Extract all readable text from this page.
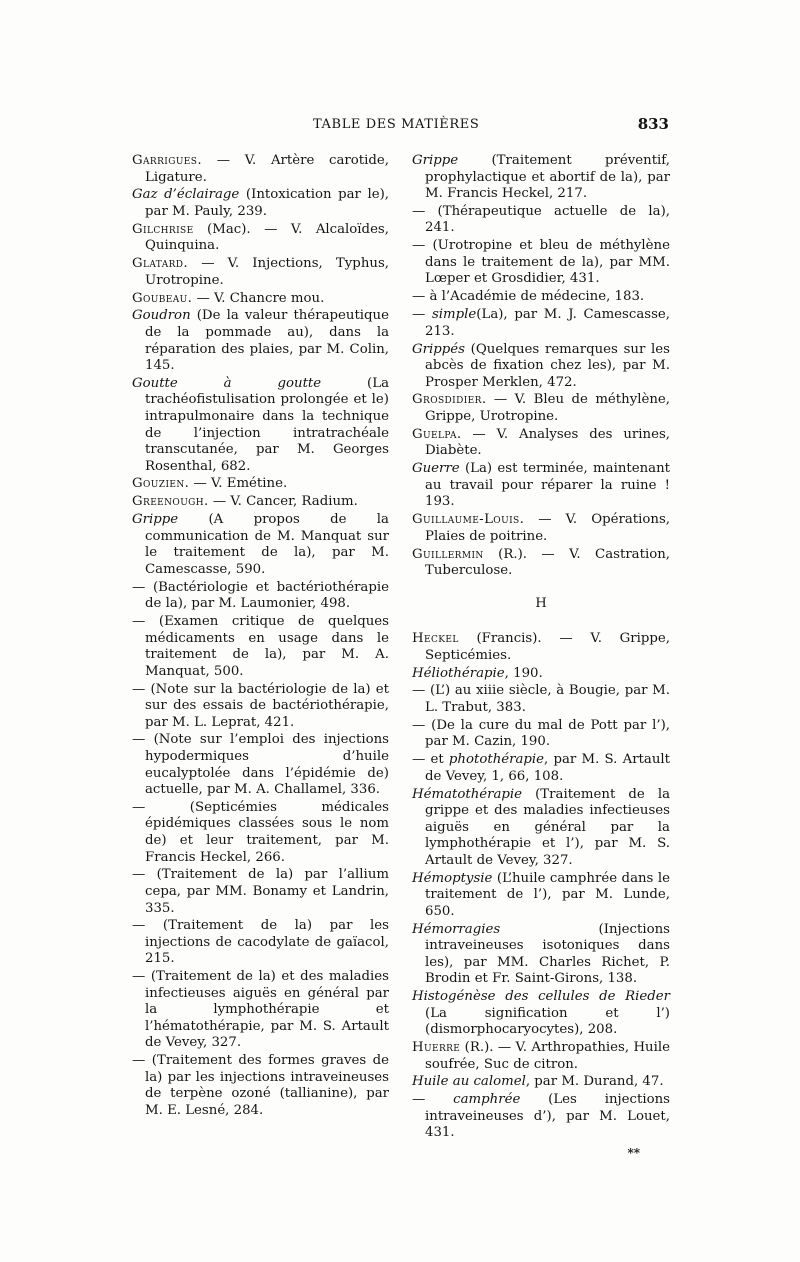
TABLE DES MATIÈRES	833
Garrigues. — V. Artère carotide, Ligature.
Gaz d’éclairage (Intoxication par le), par M. Pauly, 239.
Gilchrise (Mac). — V. Alcaloïdes, Quinquina.
Glatard. — V. Injections, Typhus, Urotropine.
Goubeau. — V. Chancre mou.
Goudron (De la valeur thérapeutique de la pommade au), dans la réparation des plaies, par M. Colin, 145.
Goutte à goutte (La trachéofistulisation prolongée et le) intrapulmonaire dans la technique de l’injection intratrachéale transcutanée, par M. Georges Rosenthal, 682.
Gouzien. — V. Emétine.
Greenough. — V. Cancer, Radium.
Grippe (A propos de la communication de M. Manquat sur le traitement de la), par M. Camescasse, 590.
— (Bactériologie et bactériothérapie de la), par M. Laumonier, 498.
— (Examen critique de quelques médicaments en usage dans le traitement de la), par M. A. Manquat, 500.
— (Note sur la bactériologie de la) et sur des essais de bactériothérapie, par M. L. Leprat, 421.
— (Note sur l’emploi des injections hypodermiques d’huile eucalyptolée dans l’épidémie de) actuelle, par M. A. Challamel, 336.
— (Septicémies médicales épidémiques classées sous le nom de) et leur traitement, par M. Francis Heckel, 266.
— (Traitement de la) par l’allium cepa, par MM. Bonamy et Landrin, 335.
— (Traitement de la) par les injections de cacodylate de gaïacol, 215.
— (Traitement de la) et des maladies infectieuses aiguës en général par la lymphothérapie et l’hématothérapie, par M. S. Artault de Vevey, 327.
— (Traitement des formes graves de la) par les injections intraveineuses de terpène ozoné (tallianine), par M. E. Lesné, 284.
Grippe (Traitement préventif, prophylactique et abortif de la), par M. Francis Heckel, 217.
— (Thérapeutique actuelle de la), 241.
— (Urotropine et bleu de méthylène dans le traitement de la), par MM. Lœper et Grosdidier, 431.
— à l’Académie de médecine, 183.
— simple(La), par M. J. Camescasse, 213.
Grippés (Quelques remarques sur les abcès de fixation chez les), par M. Prosper Merklen, 472.
Grosdidier. — V. Bleu de méthylène, Grippe, Urotropine.
Guelpa. — V. Analyses des urines, Diabète.
Guerre (La) est terminée, maintenant au travail pour réparer la ruine ! 193.
Guillaume-Louis. — V. Opérations, Plaies de poitrine.
Guillermin (R.). — V. Castration, Tuberculose.
H
Heckel (Francis). — V. Grippe, Septicémies.
Héliothérapie, 190.
— (L’) au xiiie siècle, à Bougie, par M. L. Trabut, 383.
— (De la cure du mal de Pott par l’), par M. Cazin, 190.
— et photothérapie, par M. S. Artault de Vevey, 1, 66, 108.
Hématothérapie (Traitement de la grippe et des maladies infectieuses aiguës en général par la lymphothérapie et l’), par M. S. Artault de Vevey, 327.
Hémoptysie (L’huile camphrée dans le traitement de l’), par M. Lunde, 650.
Hémorragies (Injections intraveineuses isotoniques dans les), par MM. Charles Richet, P. Brodin et Fr. Saint-Girons, 138.
Histogénèse des cellules de Rieder (La signification et l’) (dismorphocaryocytes), 208.
Huerre (R.). — V. Arthropathies, Huile soufrée, Suc de citron.
Huile au calomel, par M. Durand, 47.
— camphrée (Les injections intraveineuses d’), par M. Louet, 431.
**
